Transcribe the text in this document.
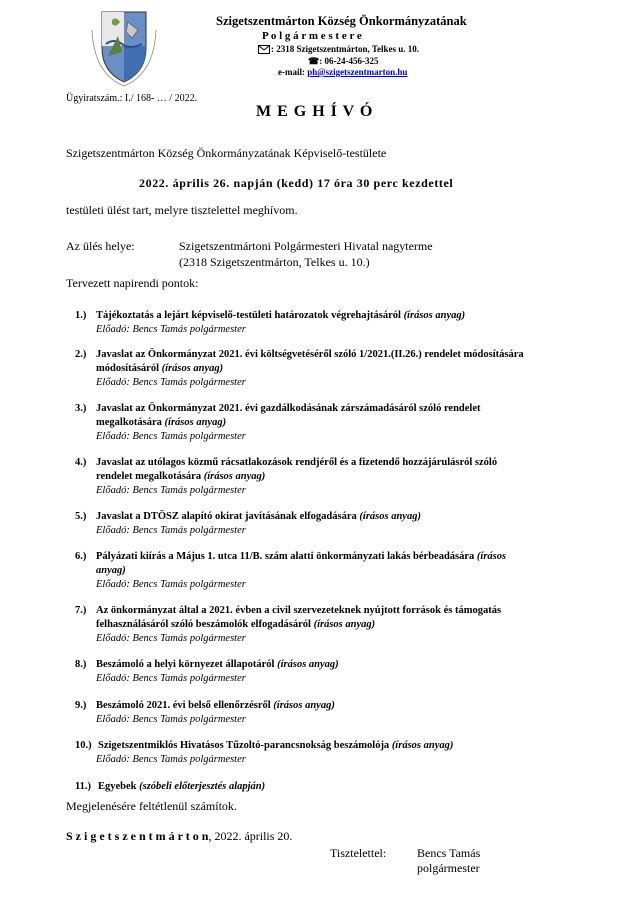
Szigetszentmárton Község Önkormányzatának
P o l g á r m e s t e r e
: 2318 Szigetszentmárton, Telkes u. 10.
☎: 06-24-456-325
e-mail: ph@szigetszentmarton.hu
Ügyiratszám.: I./ 168- … / 2022.
M E G H Í V Ó
Szigetszentmárton Község Önkormányzatának Képviselő-testülete
2022. április 26. napján (kedd) 17 óra 30 perc kezdettel
testületi ülést tart, melyre tisztelettel meghívom.
Az ülés helye:	Szigetszentmártoni Polgármesteri Hivatal nagyterme
(2318 Szigetszentmárton, Telkes u. 10.)
Tervezett napirendi pontok:
1.) Tájékoztatás a lejárt képviselő-testületi határozatok végrehajtásáról (írásos anyag)
Előadó: Bencs Tamás polgármester
2.) Javaslat az Önkormányzat 2021. évi költségvetéséről szóló 1/2021.(II.26.) rendelet módosítására
módosításáról (írásos anyag)
Előadó: Bencs Tamás polgármester
3.) Javaslat az Önkormányzat 2021. évi gazdálkodásának zárszámadásáról szóló rendelet
megalkotására (írásos anyag)
Előadó: Bencs Tamás polgármester
4.) Javaslat az utólagos közmű rácsatlakozások rendjéről és a fizetendő hozzájárulásról szóló
rendelet megalkotására (írásos anyag)
Előadó: Bencs Tamás polgármester
5.) Javaslat a DTÖSZ alapító okirat javításának elfogadására (írásos anyag)
Előadó: Bencs Tamás polgármester
6.) Pályázati kiírás a Május 1. utca 11/B. szám alatti önkormányzati lakás bérbeadására (írásos
anyag)
Előadó: Bencs Tamás polgármester
7.) Az önkormányzat által a 2021. évben a civil szervezeteknek nyújtott források és támogatás
felhasználásáról szóló beszámolók elfogadásáról (írásos anyag)
Előadó: Bencs Tamás polgármester
8.) Beszámoló a helyi környezet állapotáról (írásos anyag)
Előadó: Bencs Tamás polgármester
9.) Beszámoló 2021. évi belső ellenőrzésről (írásos anyag)
Előadó: Bencs Tamás polgármester
10.) Szigetszentmiklós Hivatásos Tűzoltó-parancsnokság beszámolója (írásos anyag)
Előadó: Bencs Tamás polgármester
11.) Egyebek (szóbeli előterjesztés alapján)
Megjelenésére feltétlenül számítok.
S z i g e t s z e n t m á r t o n, 2022. április 20.
Tisztelettel:	Bencs Tamás
polgármester
